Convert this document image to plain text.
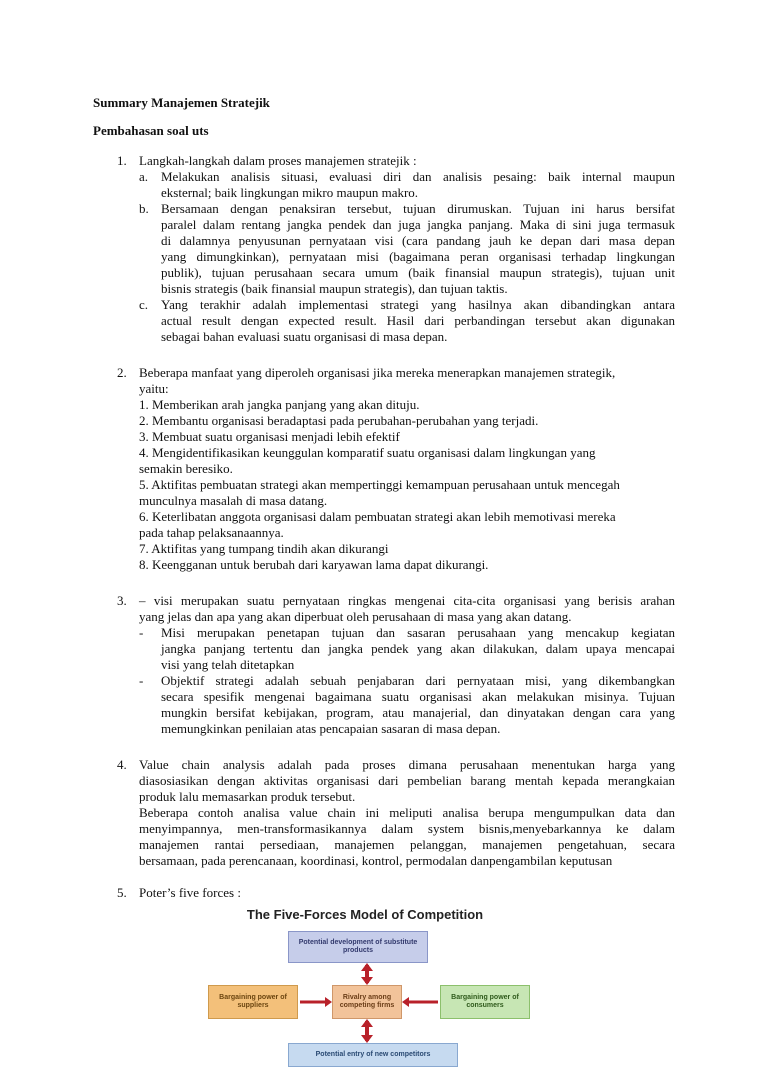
Summary Manajemen Stratejik
Pembahasan soal uts
1. Langkah-langkah dalam proses manajemen stratejik :
a. Melakukan analisis situasi, evaluasi diri dan analisis pesaing: baik internal maupun
eksternal; baik lingkungan mikro maupun makro.
b. Bersamaan dengan penaksiran tersebut, tujuan dirumuskan. Tujuan ini harus bersifat
paralel dalam rentang jangka pendek dan juga jangka panjang. Maka di sini juga termasuk
di dalamnya penyusunan pernyataan visi (cara pandang jauh ke depan dari masa depan
yang dimungkinkan), pernyataan misi (bagaimana peran organisasi terhadap lingkungan
publik), tujuan perusahaan secara umum (baik finansial maupun strategis), tujuan unit
bisnis strategis (baik finansial maupun strategis), dan tujuan taktis.
c. Yang terakhir adalah implementasi strategi yang hasilnya akan dibandingkan antara
actual result dengan expected result. Hasil dari perbandingan tersebut akan digunakan
sebagai bahan evaluasi suatu organisasi di masa depan.
2. Beberapa manfaat yang diperoleh organisasi jika mereka menerapkan manajemen strategik,
yaitu:
1. Memberikan arah jangka panjang yang akan dituju.
2. Membantu organisasi beradaptasi pada perubahan-perubahan yang terjadi.
3. Membuat suatu organisasi menjadi lebih efektif
4. Mengidentifikasikan keunggulan komparatif suatu organisasi dalam lingkungan yang
semakin beresiko.
5. Aktifitas pembuatan strategi akan mempertinggi kemampuan perusahaan untuk mencegah
munculnya masalah di masa datang.
6. Keterlibatan anggota organisasi dalam pembuatan strategi akan lebih memotivasi mereka
pada tahap pelaksanaannya.
7. Aktifitas yang tumpang tindih akan dikurangi
8. Keengganan untuk berubah dari karyawan lama dapat dikurangi.
3. – visi merupakan suatu pernyataan ringkas mengenai cita-cita organisasi yang berisis arahan
yang jelas dan apa yang akan diperbuat oleh perusahaan di masa yang akan datang.
- Misi merupakan penetapan tujuan dan sasaran perusahaan yang mencakup kegiatan
jangka panjang tertentu dan jangka pendek yang akan dilakukan, dalam upaya mencapai
visi yang telah ditetapkan
- Objektif strategi adalah sebuah penjabaran dari pernyataan misi, yang dikembangkan
secara spesifik mengenai bagaimana suatu organisasi akan melakukan misinya. Tujuan
mungkin bersifat kebijakan, program, atau manajerial, dan dinyatakan dengan cara yang
memungkinkan penilaian atas pencapaian sasaran di masa depan.
4. Value chain analysis adalah pada proses dimana perusahaan menentukan harga yang
diasosiasikan dengan aktivitas organisasi dari pembelian barang mentah kepada merangkaian
produk lalu memasarkan produk tersebut.
Beberapa contoh analisa value chain ini meliputi analisa berupa mengumpulkan data dan
menyimpannya, men-transformasikannya dalam system bisnis,menyebarkannya ke dalam
manajemen rantai persediaan, manajemen pelanggan, manajemen pengetahuan, secara
bersamaan, pada perencanaan, koordinasi, kontrol, permodalan danpengambilan keputusan
5. Poter’s five forces :
The Five-Forces Model of Competition
Potential development of substitute products
Bargaining power of suppliers
Rivalry among competing firms
Bargaining power of consumers
Potential entry of new competitors
